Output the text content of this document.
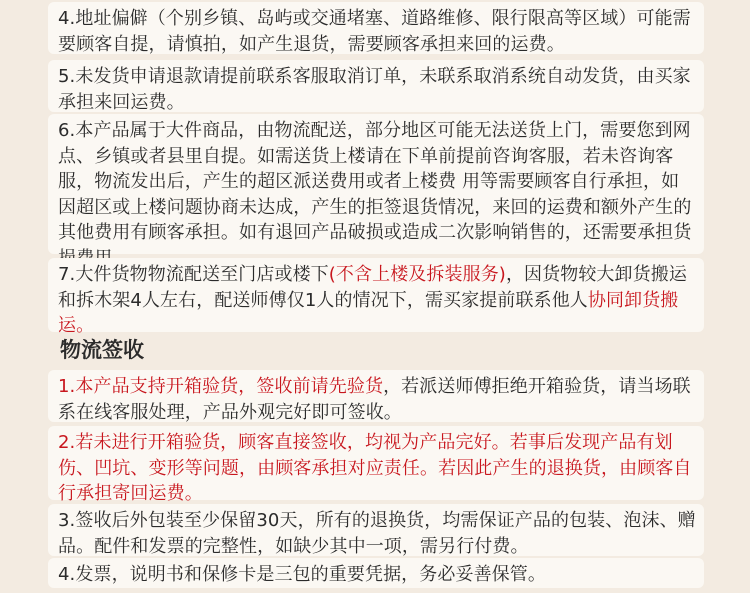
4.地址偏僻（个别乡镇、岛屿或交通堵塞、道路维修、限行限高等区域）可能需要顾客自提，请慎拍，如产生退货，需要顾客承担来回的运费。
5.未发货申请退款请提前联系客服取消订单，未联系取消系统自动发货，由买家承担来回运费。
6.本产品属于大件商品，由物流配送，部分地区可能无法送货上门，需要您到网点、乡镇或者县里自提。如需送货上楼请在下单前提前咨询客服，若未咨询客服，物流发出后，产生的超区派送费用或者上楼费 用等需要顾客自行承担，如因超区或上楼问题协商未达成，产生的拒签退货情况，来回的运费和额外产生的其他费用有顾客承担。如有退回产品破损或造成二次影响销售的，还需要承担货
7.大件货物物流配送至门店或楼下(不含上楼及拆装服务)，因货物较大卸货搬运和拆木架4人左右，配送师傅仅1人的情况下，需买家提前联系他人协同卸货搬运。
物流签收
1.本产品支持开箱验货，签收前请先验货，若派送师傅拒绝开箱验货，请当场联系在线客服处理，产品外观完好即可签收。
2.若未进行开箱验货，顾客直接签收，均视为产品完好。若事后发现产品有划伤、凹坑、变形等问题，由顾客承担对应责任。若因此产生的退换货，由顾客自行承担寄回运费。
3.签收后外包装至少保留30天，所有的退换货，均需保证产品的包装、泡沫、赠品。配件和发票的完整性，如缺少其中一项，需另行付费。
4.发票，说明书和保修卡是三包的重要凭据，务必妥善保管。
